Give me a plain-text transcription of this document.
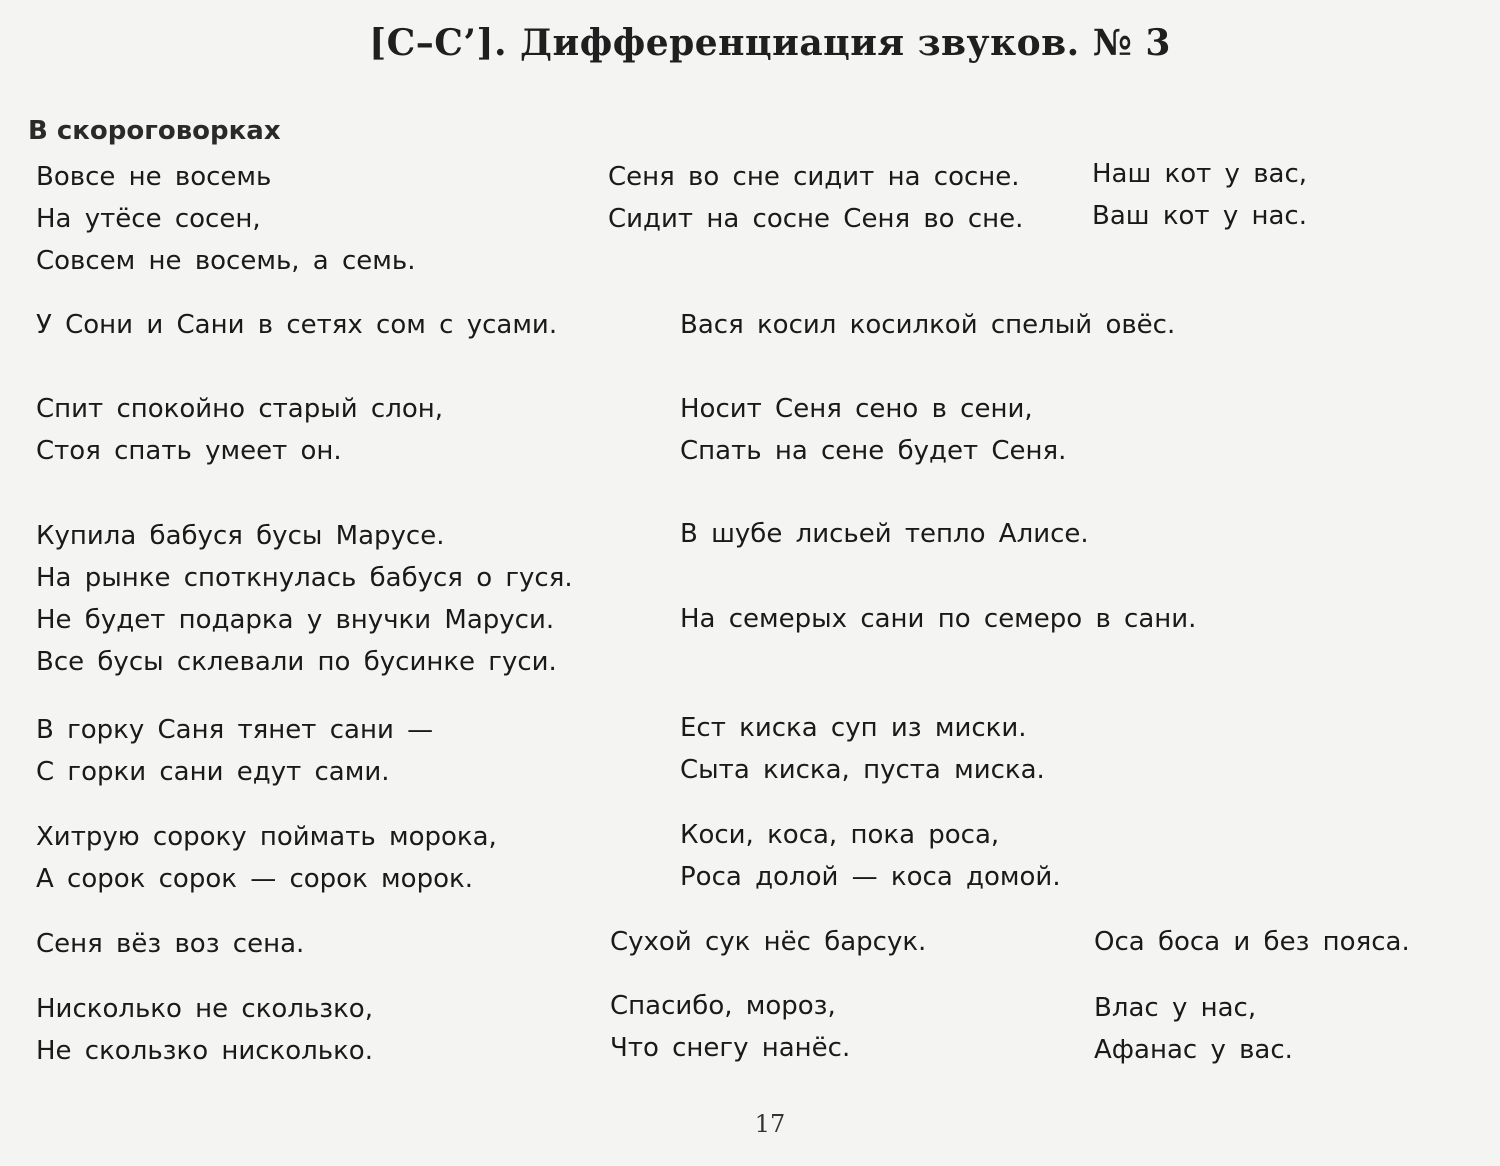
[С–С’]. Дифференциация звуков. № 3
В скороговорках
Вовсе не восемь
На утёсе сосен,
Совсем не восемь, а семь.
Сеня во сне сидит на сосне.
Сидит на сосне Сеня во сне.
Наш кот у вас,
Ваш кот у нас.
У Сони и Сани в сетях сом с усами.	Вася косил косилкой спелый овёс.
Спит спокойно старый слон,
Стоя спать умеет он.
Носит Сеня сено в сени,
Спать на сене будет Сеня.
Купила бабуся бусы Марусе.
На рынке споткнулась бабуся о гуся.
Не будет подарка у внучки Маруси.
Все бусы склевали по бусинке гуси.
В шубе лисьей тепло Алисе.
На семерых сани по семеро в сани.
В горку Саня тянет сани —
С горки сани едут сами.
Ест киска суп из миски.
Сыта киска, пуста миска.
Хитрую сороку поймать морока,
А сорок сорок — сорок морок.
Коси, коса, пока роса,
Роса долой — коса домой.
Сеня вёз воз сена.	Сухой сук нёс барсук.	Оса боса и без пояса.
Нисколько не скользко,
Не скользко нисколько.
Спасибо, мороз,
Что снегу нанёс.
Влас у нас,
Афанас у вас.
17
